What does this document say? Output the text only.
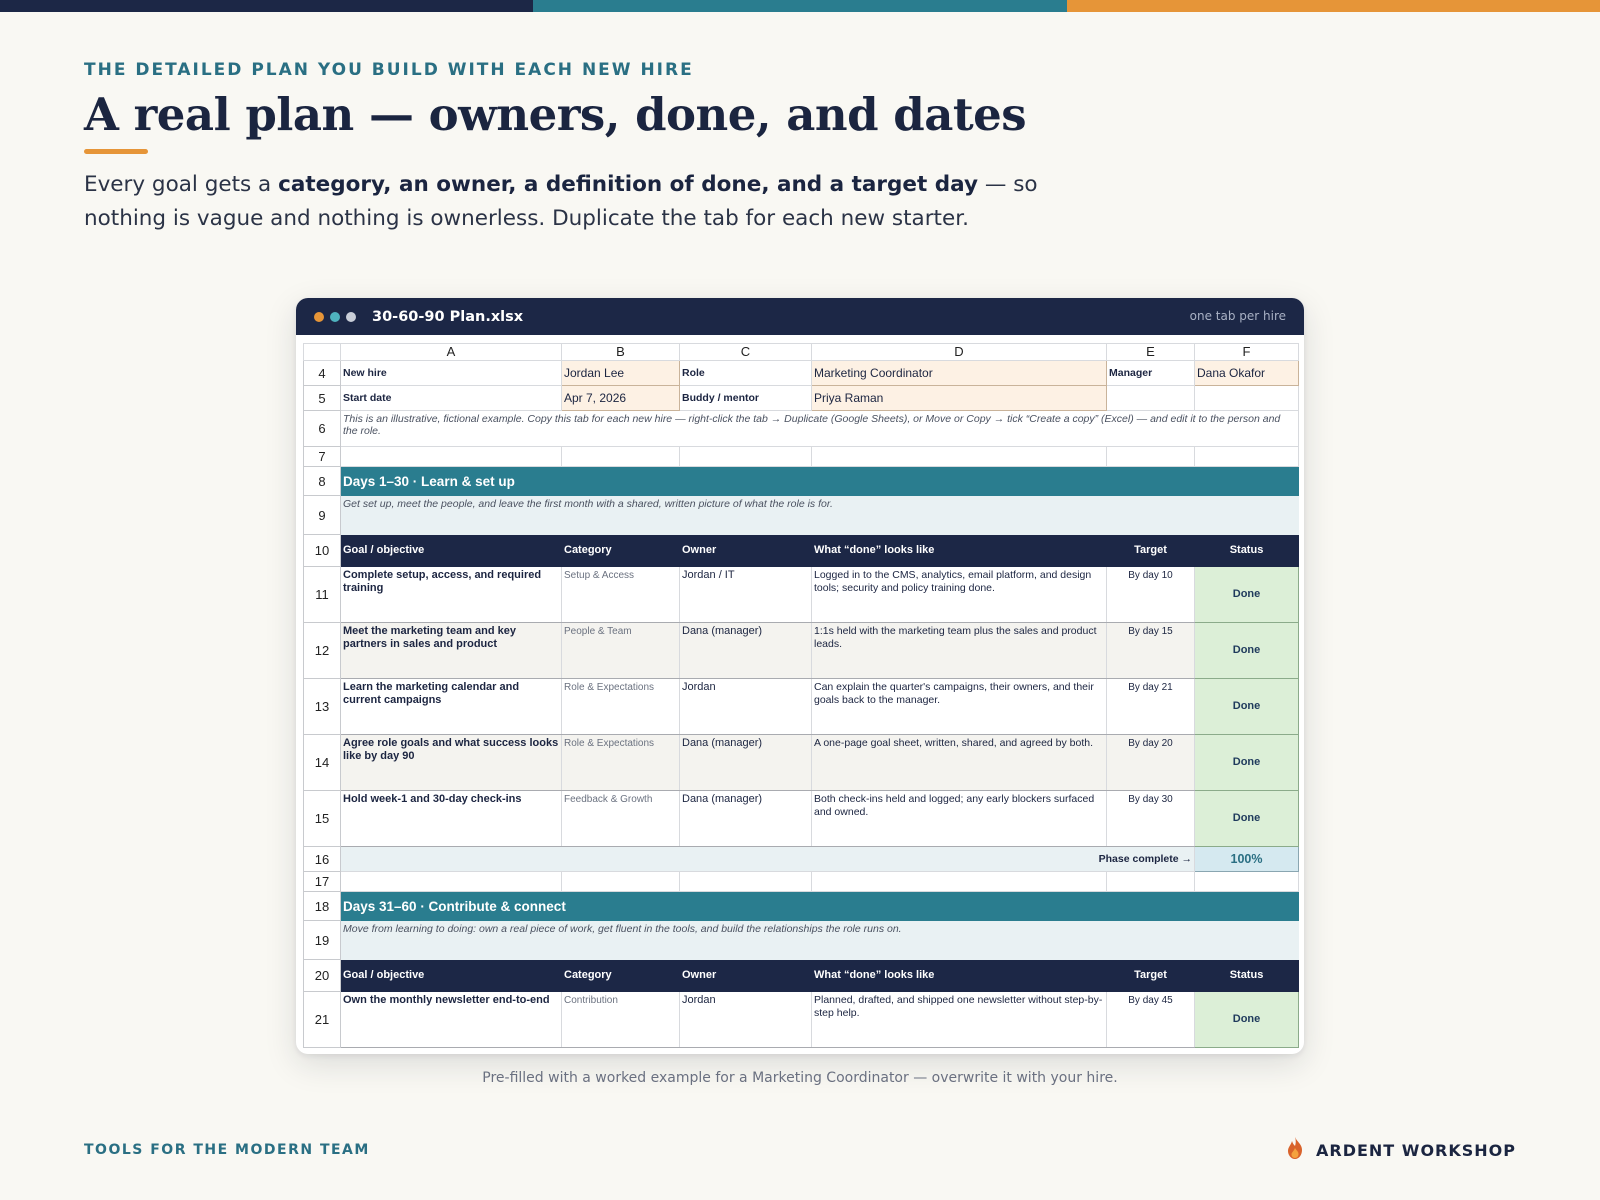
THE DETAILED PLAN YOU BUILD WITH EACH NEW HIRE
A real plan — owners, done, and dates

Every goal gets a category, an owner, a definition of done, and a target day — so nothing is vague and nothing is ownerless. Duplicate the tab for each new starter.

30-60-90 Plan.xlsx	one tab per hire
	A	B	C	D	E	F
4	New hire	Jordan Lee	Role	Marketing Coordinator	Manager	Dana Okafor
5	Start date	Apr 7, 2026	Buddy / mentor	Priya Raman		
6	This is an illustrative, fictional example. Copy this tab for each new hire — right-click the tab → Duplicate (Google Sheets), or Move or Copy → tick “Create a copy” (Excel) — and edit it to the person and the role.					
7						
8	Days 1–30 · Learn & set up					
9	Get set up, meet the people, and leave the first month with a shared, written picture of what the role is for.					
10	Goal / objective	Category	Owner	What “done” looks like	Target	Status
11	Complete setup, access, and required training	Setup & Access	Jordan / IT	Logged in to the CMS, analytics, email platform, and design tools; security and policy training done.	By day 10	Done
12	Meet the marketing team and key partners in sales and product	People & Team	Dana (manager)	1:1s held with the marketing team plus the sales and product leads.	By day 15	Done
13	Learn the marketing calendar and current campaigns	Role & Expectations	Jordan	Can explain the quarter's campaigns, their owners, and their goals back to the manager.	By day 21	Done
14	Agree role goals and what success looks like by day 90	Role & Expectations	Dana (manager)	A one-page goal sheet, written, shared, and agreed by both.	By day 20	Done
15	Hold week-1 and 30-day check-ins	Feedback & Growth	Dana (manager)	Both check-ins held and logged; any early blockers surfaced and owned.	By day 30	Done
16	Phase complete →					100%
17						
18	Days 31–60 · Contribute & connect					
19	Move from learning to doing: own a real piece of work, get fluent in the tools, and build the relationships the role runs on.					
20	Goal / objective	Category	Owner	What “done” looks like	Target	Status
21	Own the monthly newsletter end-to-end	Contribution	Jordan	Planned, drafted, and shipped one newsletter without step-by-step help.	By day 45	Done
Pre-filled with a worked example for a Marketing Coordinator — overwrite it with your hire.
TOOLS FOR THE MODERN TEAM	ARDENT WORKSHOP
